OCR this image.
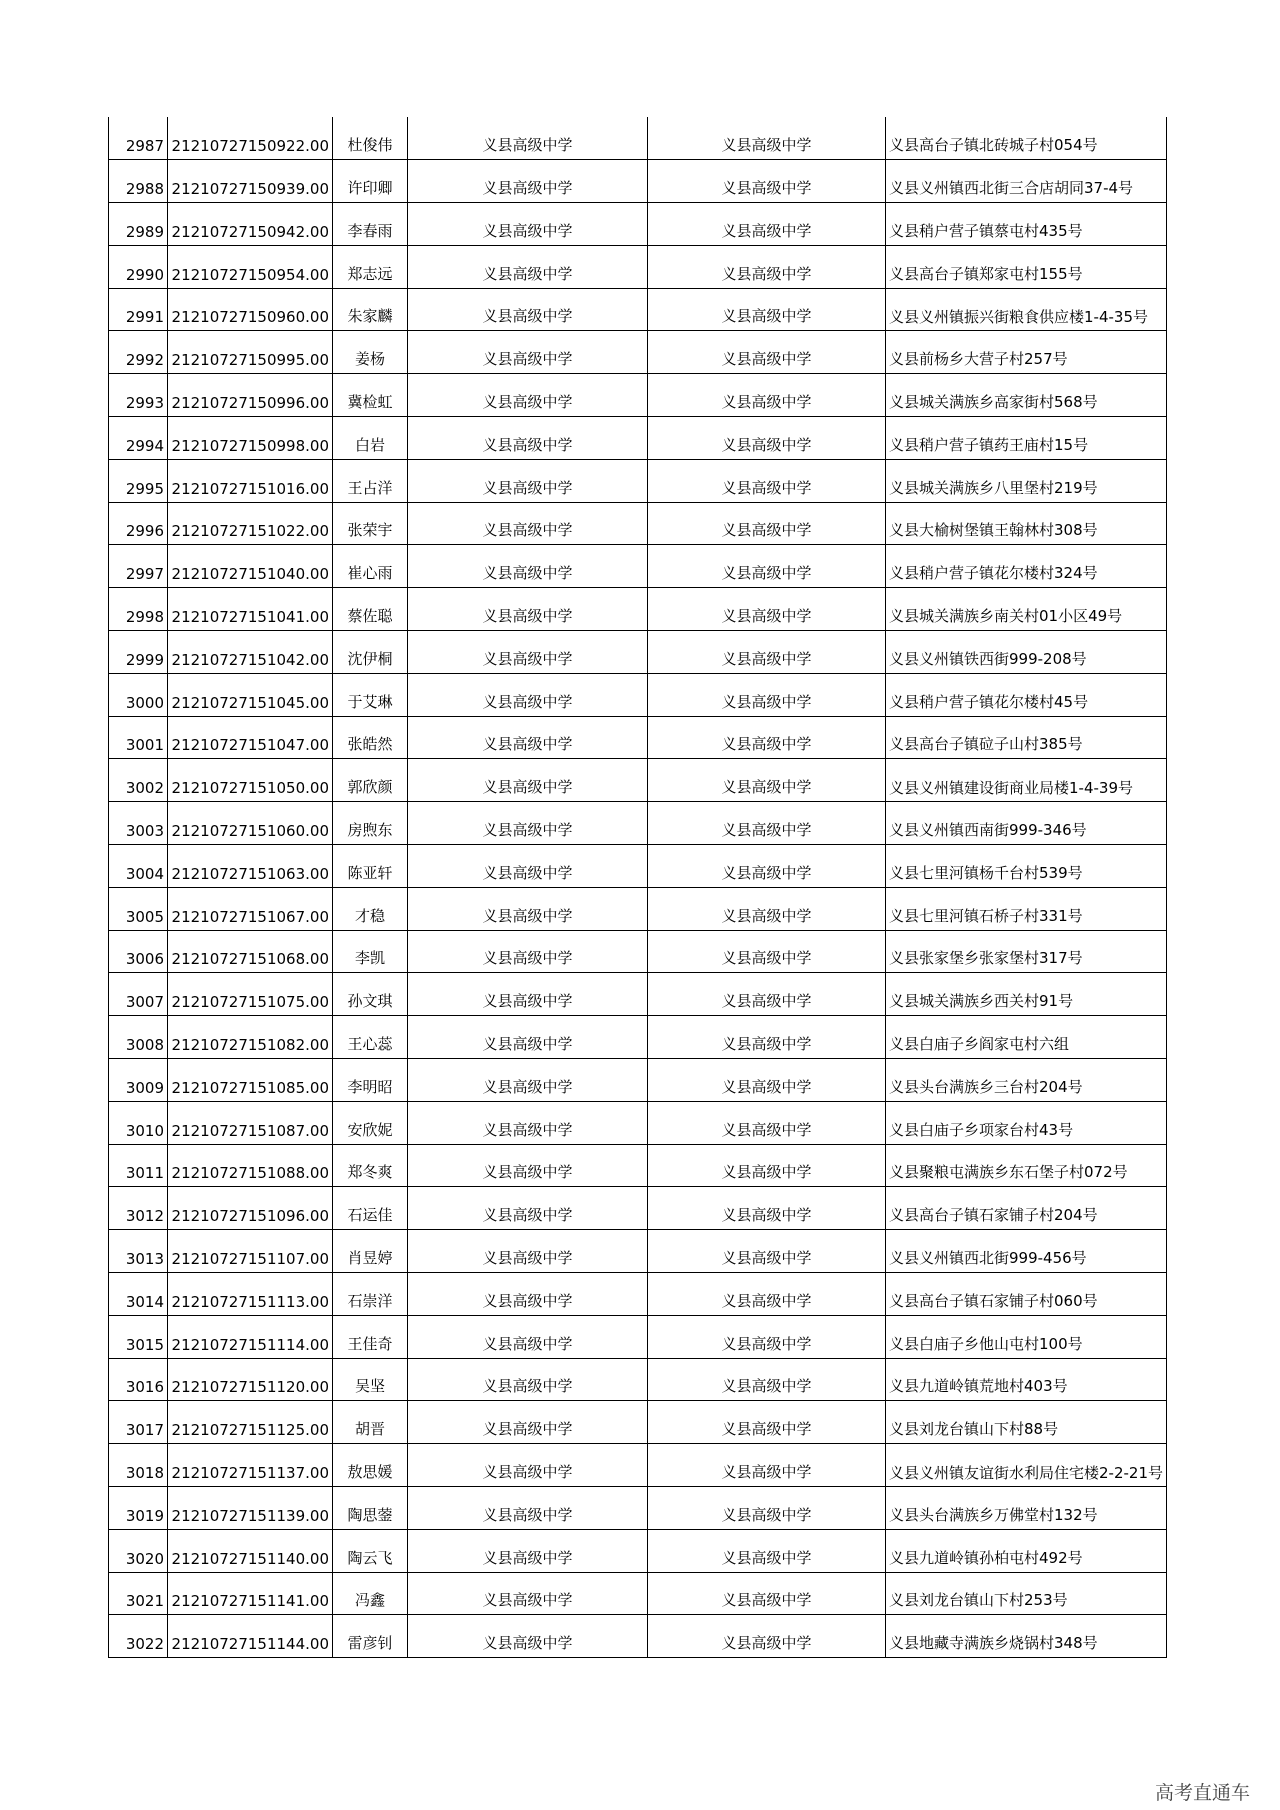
2987	21210727150922.00	杜俊伟	义县高级中学	义县高级中学	义县高台子镇北砖城子村054号
2988	21210727150939.00	许印卿	义县高级中学	义县高级中学	义县义州镇西北街三合店胡同37-4号
2989	21210727150942.00	李春雨	义县高级中学	义县高级中学	义县稍户营子镇蔡屯村435号
2990	21210727150954.00	郑志远	义县高级中学	义县高级中学	义县高台子镇郑家屯村155号
2991	21210727150960.00	朱家麟	义县高级中学	义县高级中学	义县义州镇振兴街粮食供应楼1-4-35号
2992	21210727150995.00	姜杨	义县高级中学	义县高级中学	义县前杨乡大营子村257号
2993	21210727150996.00	冀检虹	义县高级中学	义县高级中学	义县城关满族乡高家街村568号
2994	21210727150998.00	白岩	义县高级中学	义县高级中学	义县稍户营子镇药王庙村15号
2995	21210727151016.00	王占洋	义县高级中学	义县高级中学	义县城关满族乡八里堡村219号
2996	21210727151022.00	张荣宇	义县高级中学	义县高级中学	义县大榆树堡镇王翰林村308号
2997	21210727151040.00	崔心雨	义县高级中学	义县高级中学	义县稍户营子镇花尔楼村324号
2998	21210727151041.00	蔡佐聪	义县高级中学	义县高级中学	义县城关满族乡南关村01小区49号
2999	21210727151042.00	沈伊桐	义县高级中学	义县高级中学	义县义州镇铁西街999-208号
3000	21210727151045.00	于艾琳	义县高级中学	义县高级中学	义县稍户营子镇花尔楼村45号
3001	21210727151047.00	张皓然	义县高级中学	义县高级中学	义县高台子镇砬子山村385号
3002	21210727151050.00	郭欣颜	义县高级中学	义县高级中学	义县义州镇建设街商业局楼1-4-39号
3003	21210727151060.00	房煦东	义县高级中学	义县高级中学	义县义州镇西南街999-346号
3004	21210727151063.00	陈亚轩	义县高级中学	义县高级中学	义县七里河镇杨千台村539号
3005	21210727151067.00	才稳	义县高级中学	义县高级中学	义县七里河镇石桥子村331号
3006	21210727151068.00	李凯	义县高级中学	义县高级中学	义县张家堡乡张家堡村317号
3007	21210727151075.00	孙文琪	义县高级中学	义县高级中学	义县城关满族乡西关村91号
3008	21210727151082.00	王心蕊	义县高级中学	义县高级中学	义县白庙子乡阎家屯村六组
3009	21210727151085.00	李明昭	义县高级中学	义县高级中学	义县头台满族乡三台村204号
3010	21210727151087.00	安欣妮	义县高级中学	义县高级中学	义县白庙子乡项家台村43号
3011	21210727151088.00	郑冬爽	义县高级中学	义县高级中学	义县聚粮屯满族乡东石堡子村072号
3012	21210727151096.00	石运佳	义县高级中学	义县高级中学	义县高台子镇石家铺子村204号
3013	21210727151107.00	肖昱婷	义县高级中学	义县高级中学	义县义州镇西北街999-456号
3014	21210727151113.00	石崇洋	义县高级中学	义县高级中学	义县高台子镇石家铺子村060号
3015	21210727151114.00	王佳奇	义县高级中学	义县高级中学	义县白庙子乡他山屯村100号
3016	21210727151120.00	吴坚	义县高级中学	义县高级中学	义县九道岭镇荒地村403号
3017	21210727151125.00	胡晋	义县高级中学	义县高级中学	义县刘龙台镇山下村88号
3018	21210727151137.00	敖思媛	义县高级中学	义县高级中学	义县义州镇友谊街水利局住宅楼2-2-21号
3019	21210727151139.00	陶思蓥	义县高级中学	义县高级中学	义县头台满族乡万佛堂村132号
3020	21210727151140.00	陶云飞	义县高级中学	义县高级中学	义县九道岭镇孙柏屯村492号
3021	21210727151141.00	冯鑫	义县高级中学	义县高级中学	义县刘龙台镇山下村253号
3022	21210727151144.00	雷彦钊	义县高级中学	义县高级中学	义县地藏寺满族乡烧锅村348号
高考直通车
